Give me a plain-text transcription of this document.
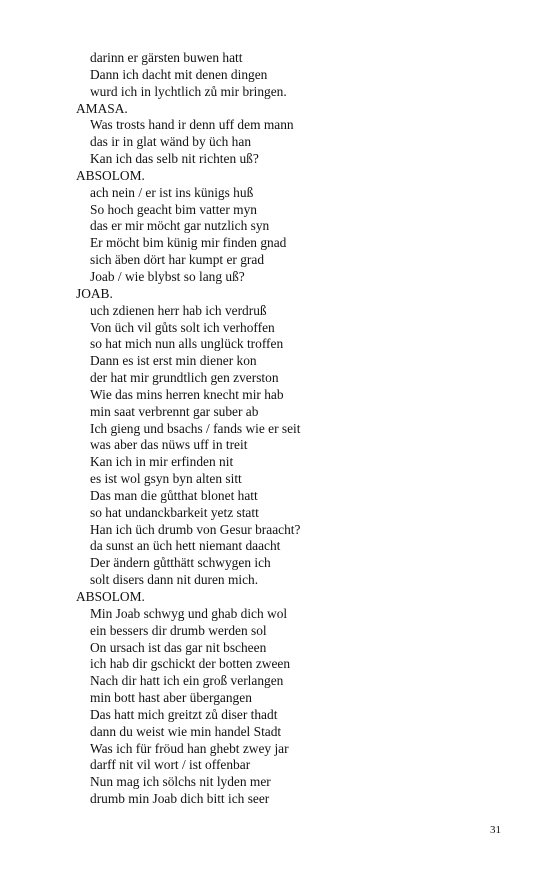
darinn er gärsten buwen hatt
Dann ich dacht mit denen dingen
wurd ich in lychtlich zů mir bringen.
AMASA.
Was trosts hand ir denn uff dem mann
das ir in glat wänd by üch han
Kan ich das selb nit richten uß?
ABSOLOM.
ach nein / er ist ins künigs huß
So hoch geacht bim vatter myn
das er mir möcht gar nutzlich syn
Er möcht bim künig mir finden gnad
sich äben dört har kumpt er grad
Joab / wie blybst so lang uß?
JOAB.
uch zdienen herr hab ich verdruß
Von üch vil gůts solt ich verhoffen
so hat mich nun alls unglück troffen
Dann es ist erst min diener kon
der hat mir grundtlich gen zverston
Wie das mins herren knecht mir hab
min saat verbrennt gar suber ab
Ich gieng und bsachs / fands wie er seit
was aber das nüws uff in treit
Kan ich in mir erfinden nit
es ist wol gsyn byn alten sitt
Das man die gůtthat blonet hatt
so hat undanckbarkeit yetz statt
Han ich üch drumb von Gesur braacht?
da sunst an üch hett niemant daacht
Der ändern gůtthätt schwygen ich
solt disers dann nit duren mich.
ABSOLOM.
Min Joab schwyg und ghab dich wol
ein bessers dir drumb werden sol
On ursach ist das gar nit bscheen
ich hab dir gschickt der botten zween
Nach dir hatt ich ein groß verlangen
min bott hast aber übergangen
Das hatt mich greitzt zů diser thadt
dann du weist wie min handel Stadt
Was ich für fröud han ghebt zwey jar
darff nit vil wort / ist offenbar
Nun mag ich sölchs nit lyden mer
drumb min Joab dich bitt ich seer
31
